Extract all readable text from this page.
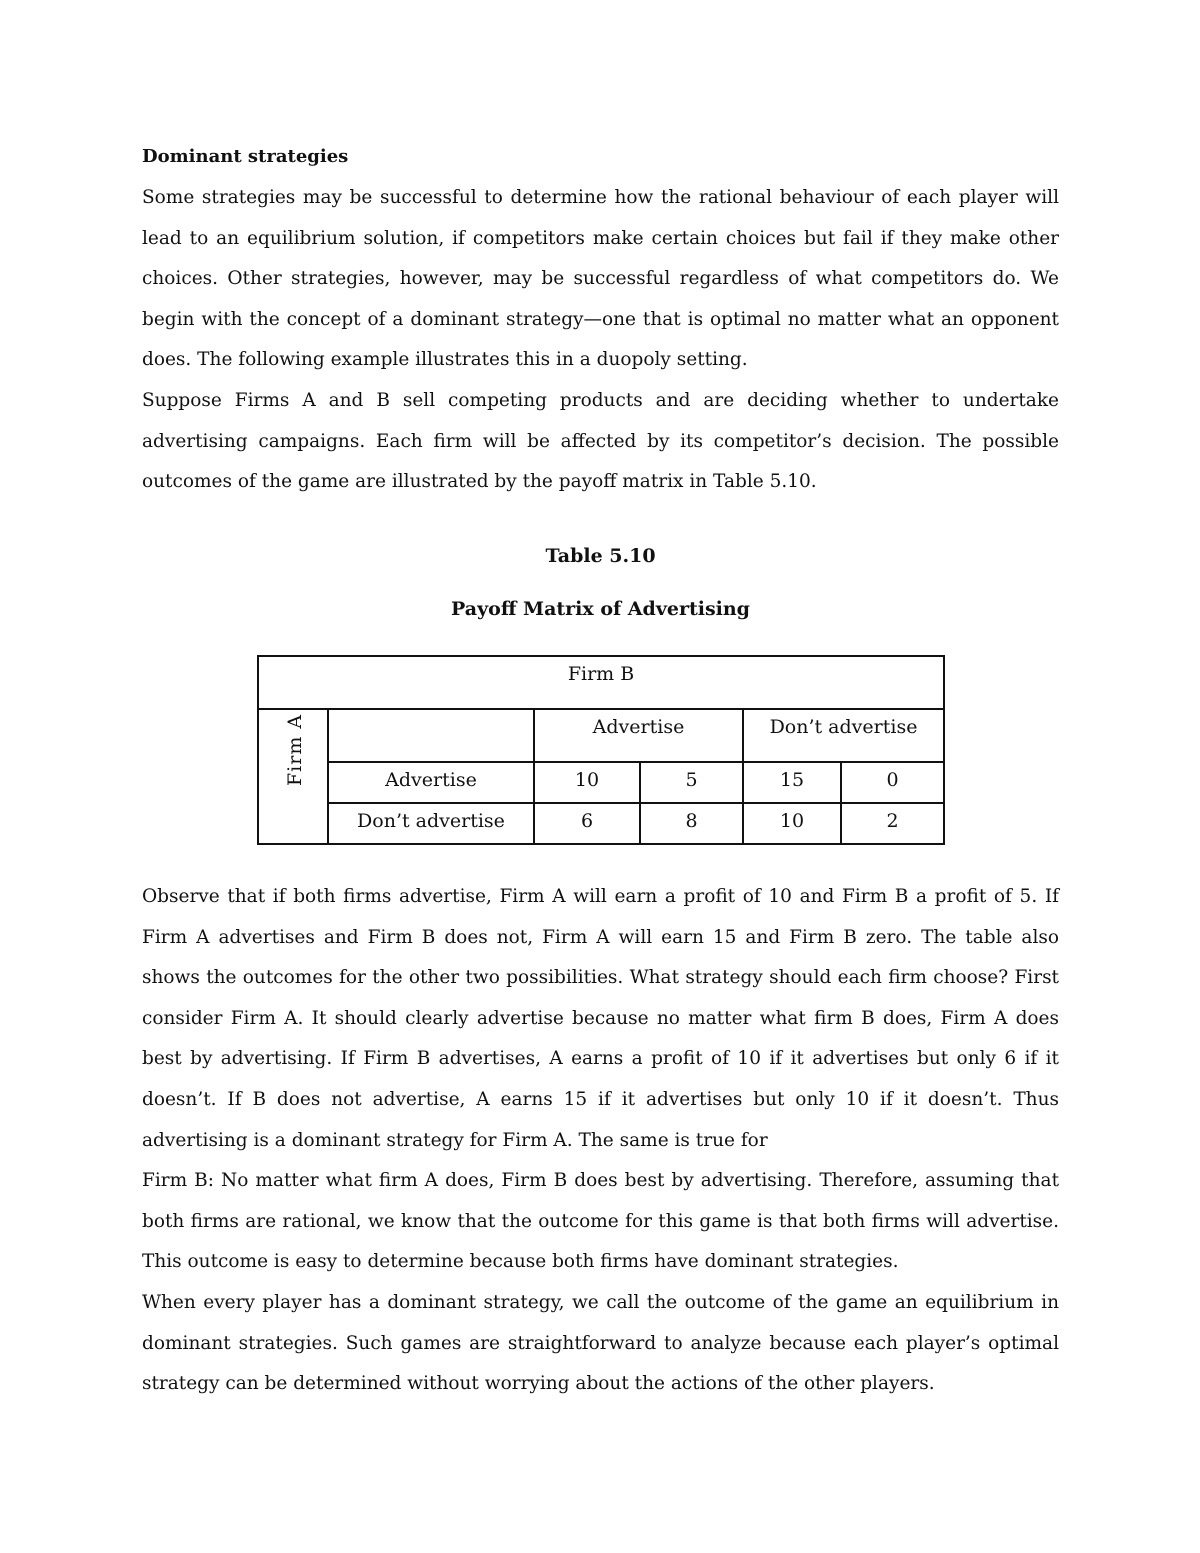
Dominant strategies

Some strategies may be successful to determine how the rational behaviour of each player will lead to an equilibrium solution, if competitors make certain choices but fail if they make other choices. Other strategies, however, may be successful regardless of what competitors do. We begin with the concept of a dominant strategy—one that is optimal no matter what an opponent does. The following example illustrates this in a duopoly setting.

Suppose Firms A and B sell competing products and are deciding whether to undertake advertising campaigns. Each firm will be affected by its competitor’s decision. The possible outcomes of the game are illustrated by the payoff matrix in Table 5.10.

Table 5.10

Payoff Matrix of Advertising

Firm B					

Firm A		Advertise		Don’t advertise	
	Advertise	10	5	15	0
	Don’t advertise	6	8	10	2

Observe that if both firms advertise, Firm A will earn a profit of 10 and Firm B a profit of 5. If Firm A advertises and Firm B does not, Firm A will earn 15 and Firm B zero. The table also shows the outcomes for the other two possibilities. What strategy should each firm choose? First consider Firm A. It should clearly advertise because no matter what firm B does, Firm A does best by advertising. If Firm B advertises, A earns a profit of 10 if it advertises but only 6 if it doesn’t. If B does not advertise, A earns 15 if it advertises but only 10 if it doesn’t. Thus advertising is a dominant strategy for Firm A. The same is true for

Firm B: No matter what firm A does, Firm B does best by advertising. Therefore, assuming that both firms are rational, we know that the outcome for this game is that both firms will advertise. This outcome is easy to determine because both firms have dominant strategies.

When every player has a dominant strategy, we call the outcome of the game an equilibrium in dominant strategies. Such games are straightforward to analyze because each player’s optimal strategy can be determined without worrying about the actions of the other players.
